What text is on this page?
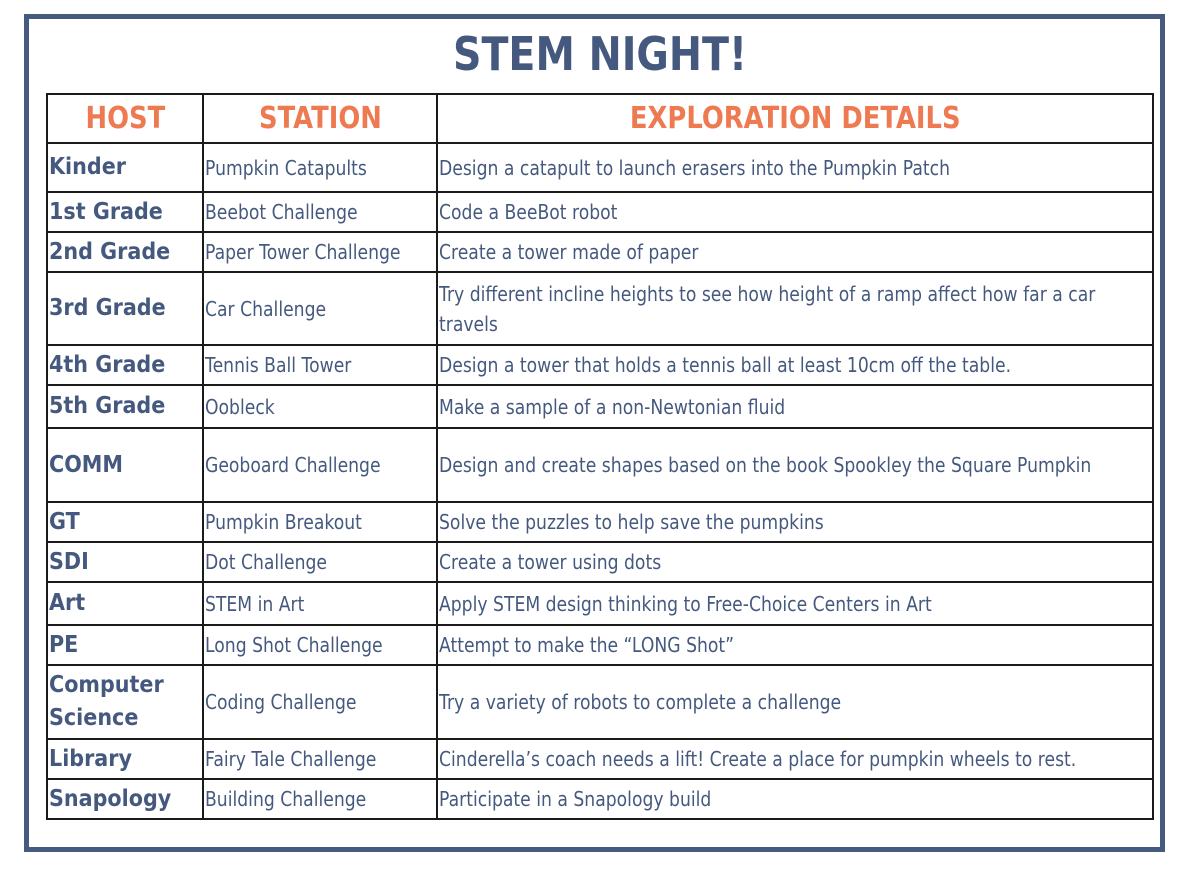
STEM NIGHT!
HOST	STATION	EXPLORATION DETAILS
Kinder	Pumpkin Catapults	Design a catapult to launch erasers into the Pumpkin Patch
1st Grade	Beebot Challenge	Code a BeeBot robot
2nd Grade	Paper Tower Challenge	Create a tower made of paper
3rd Grade	Car Challenge	Try different incline heights to see how height of a ramp affect how far a car travels
4th Grade	Tennis Ball Tower	Design a tower that holds a tennis ball at least 10cm off the table.
5th Grade	Oobleck	Make a sample of a non-Newtonian fluid
COMM	Geoboard Challenge	Design and create shapes based on the book Spookley the Square Pumpkin
GT	Pumpkin Breakout	Solve the puzzles to help save the pumpkins
SDI	Dot Challenge	Create a tower using dots
Art	STEM in Art	Apply STEM design thinking to Free-Choice Centers in Art
PE	Long Shot Challenge	Attempt to make the “LONG Shot”
Computer Science	Coding Challenge	Try a variety of robots to complete a challenge
Library	Fairy Tale Challenge	Cinderella’s coach needs a lift! Create a place for pumpkin wheels to rest.
Snapology	Building Challenge	Participate in a Snapology build
